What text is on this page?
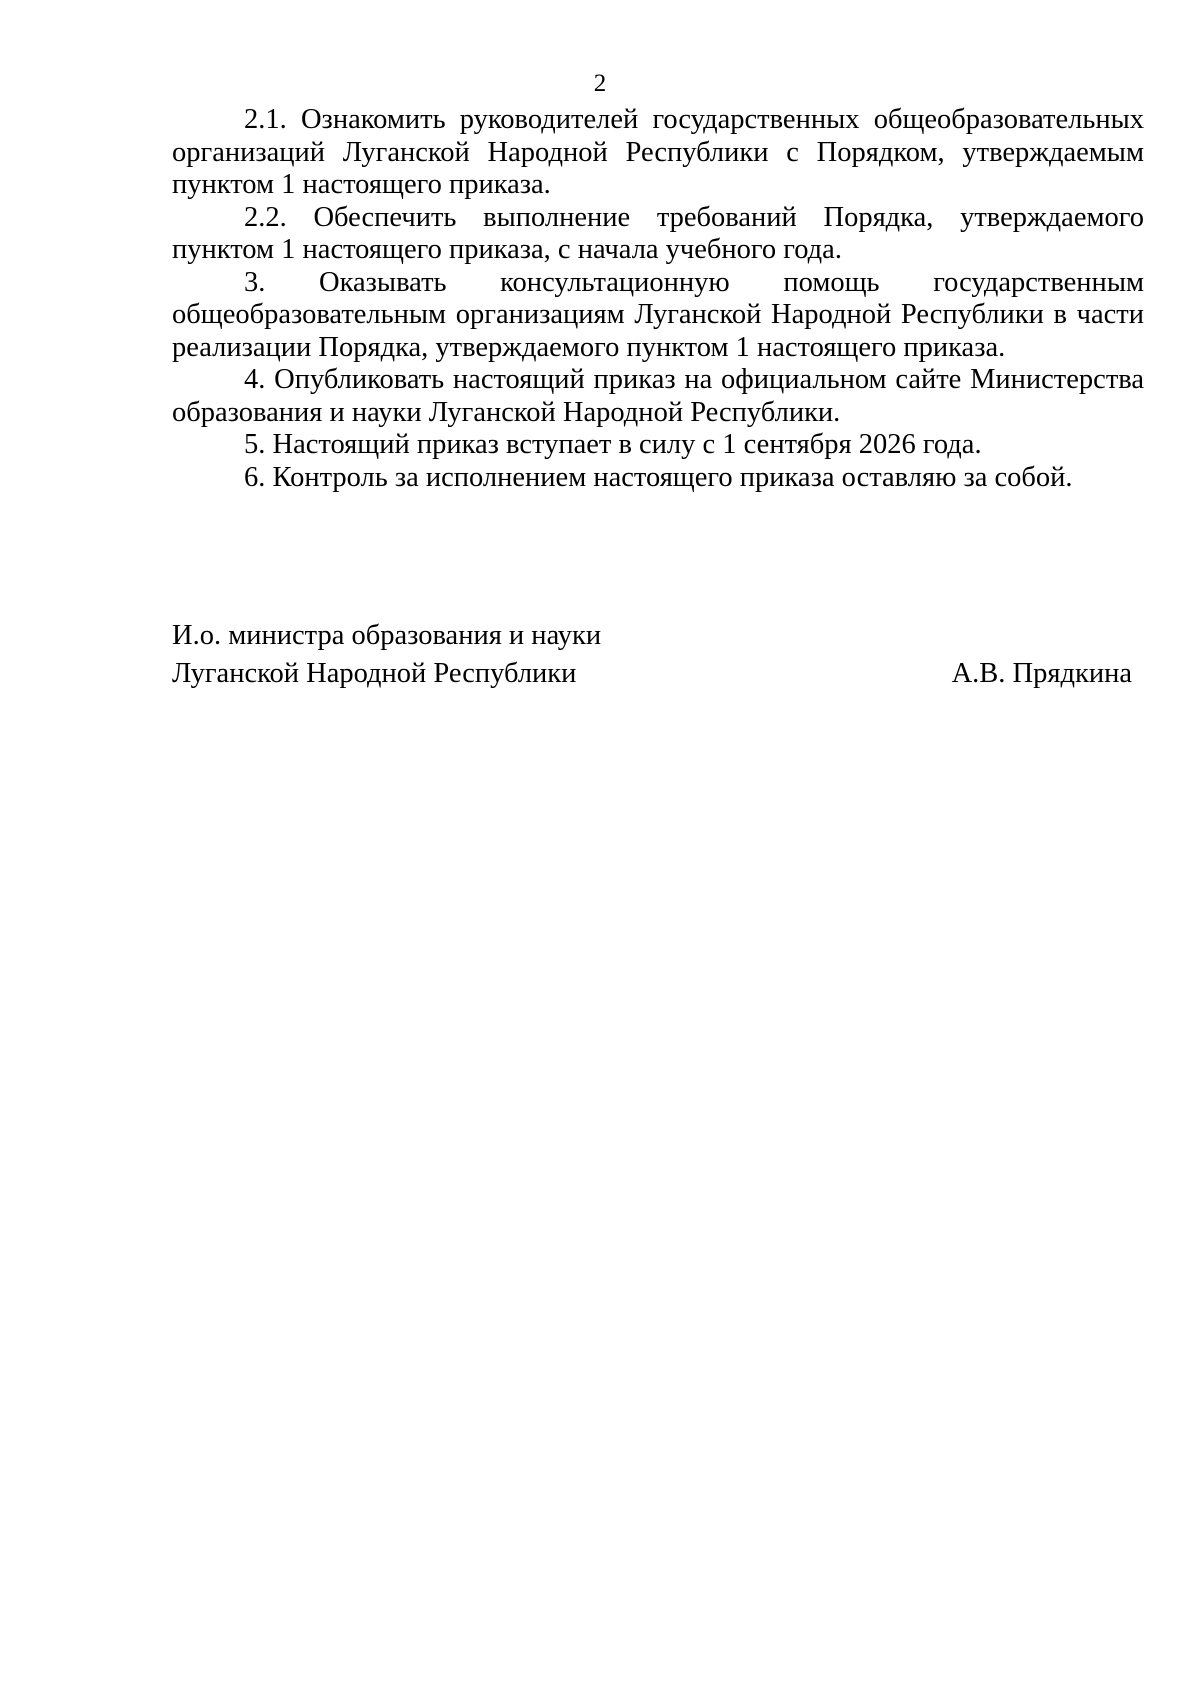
2

2.1. Ознакомить руководителей государственных общеобразовательных организаций Луганской Народной Республики с Порядком, утверждаемым пунктом 1 настоящего приказа.

2.2. Обеспечить выполнение требований Порядка, утверждаемого пунктом 1 настоящего приказа, с начала учебного года.

3. Оказывать консультационную помощь государственным общеобразовательным организациям Луганской Народной Республики в части реализации Порядка, утверждаемого пунктом 1 настоящего приказа.

4. Опубликовать настоящий приказ на официальном сайте Министерства образования и науки Луганской Народной Республики.

5. Настоящий приказ вступает в силу с 1 сентября 2026 года.

6. Контроль за исполнением настоящего приказа оставляю за собой.

И.о. министра образования и науки
Луганской Народной Республики	А.В. Прядкина
